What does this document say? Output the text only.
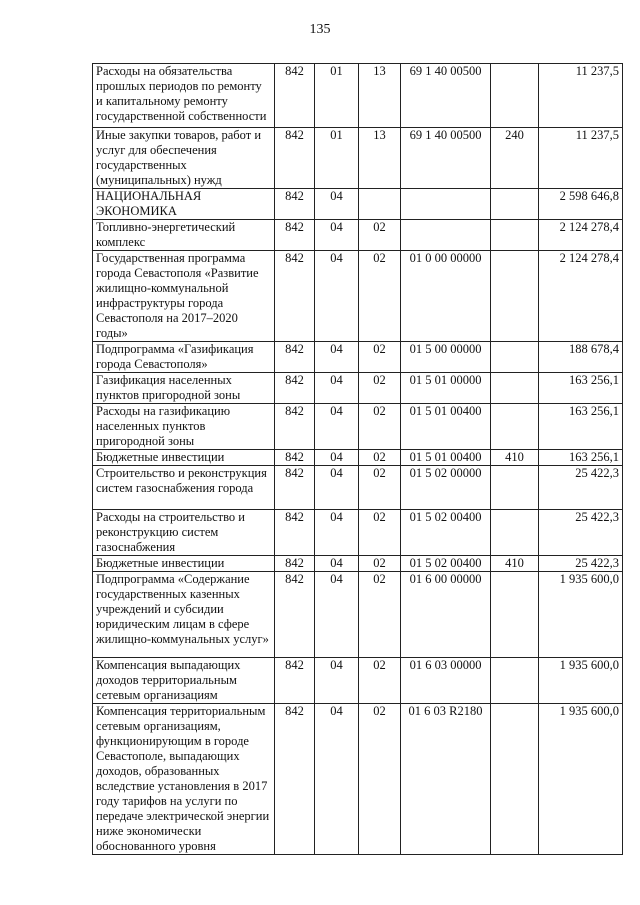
135
Расходы на обязательства прошлых периодов по ремонту и капитальному ремонту государственной собственности	842	01	13	69 1 40 00500		11 237,5
Иные закупки товаров, работ и услуг для обеспечения государственных (муниципальных) нужд	842	01	13	69 1 40 00500	240	11 237,5
НАЦИОНАЛЬНАЯ ЭКОНОМИКА	842	04				2 598 646,8
Топливно-энергетический комплекс	842	04	02			2 124 278,4
Государственная программа города Севастополя «Развитие жилищно-коммунальной инфраструктуры города Севастополя на 2017–2020 годы»	842	04	02	01 0 00 00000		2 124 278,4
Подпрограмма «Газификация города Севастополя»	842	04	02	01 5 00 00000		188 678,4
Газификация населенных пунктов пригородной зоны	842	04	02	01 5 01 00000		163 256,1
Расходы на газификацию населенных пунктов пригородной зоны	842	04	02	01 5 01 00400		163 256,1
Бюджетные инвестиции	842	04	02	01 5 01 00400	410	163 256,1
Строительство и реконструкция систем газоснабжения города	842	04	02	01 5 02 00000		25 422,3
Расходы на строительство и реконструкцию систем газоснабжения	842	04	02	01 5 02 00400		25 422,3
Бюджетные инвестиции	842	04	02	01 5 02 00400	410	25 422,3
Подпрограмма «Содержание государственных казенных учреждений и субсидии юридическим лицам в сфере жилищно-коммунальных услуг»	842	04	02	01 6 00 00000		1 935 600,0
Компенсация выпадающих доходов территориальным сетевым организациям	842	04	02	01 6 03 00000		1 935 600,0
Компенсация территориальным сетевым организациям, функционирующим в городе Севастополе, выпадающих доходов, образованных вследствие установления в 2017 году тарифов на услуги по передаче электрической энергии ниже экономически обоснованного уровня	842	04	02	01 6 03 R2180		1 935 600,0
